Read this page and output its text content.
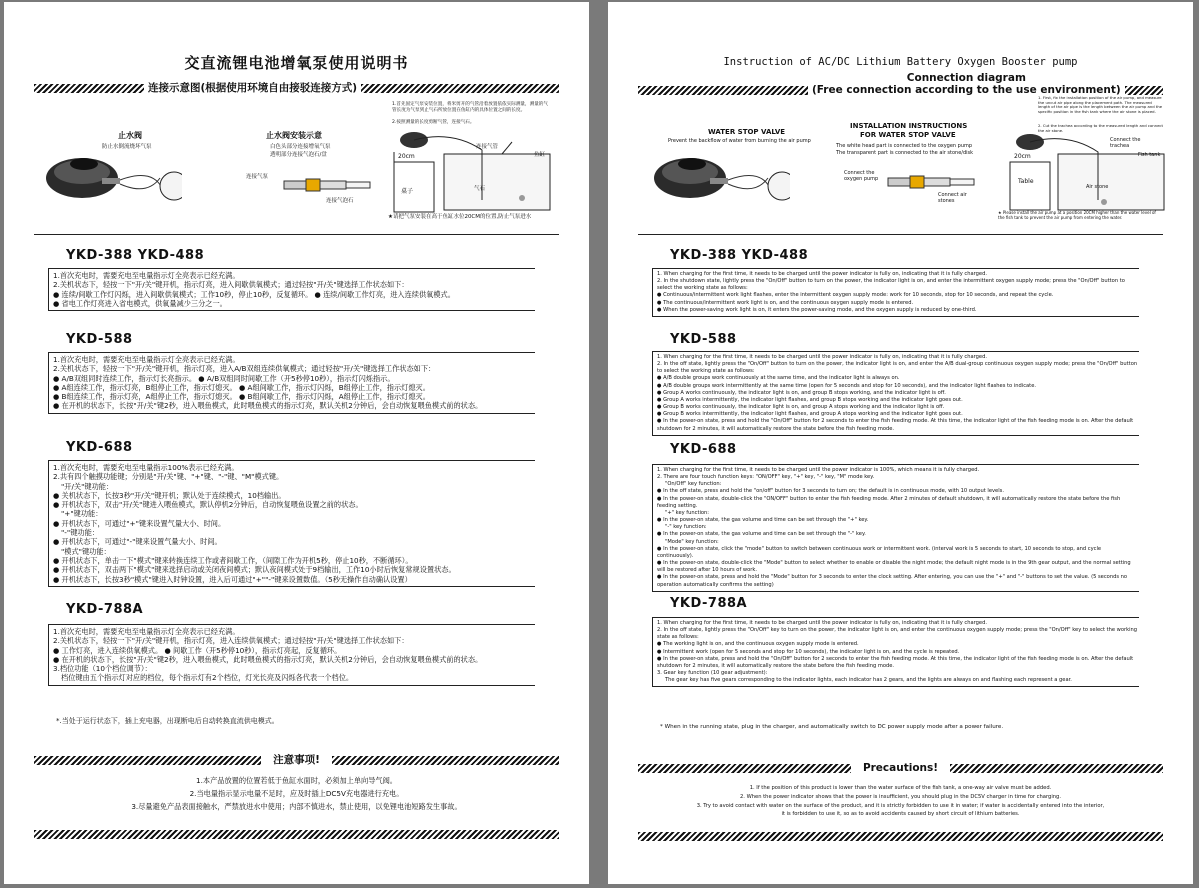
交直流锂电池增氧泵使用说明书
连接示意图(根据使用环境自由接驳连接方式)
止水阀
防止水倒流烧坏气泵
止水阀安装示意
白色头部分连接增氧气泵
透明部分连接气泡石/盘
连接气泵
连接气泡石
1.首先固定气泵安装位置，将米剪开的气管沿着放置依依实际测量，测量的气管长度为气泵到止气石所放位置在鱼缸内的具体位置之间的长度。
2.按照测量的长度剪断气管，连接气石。
20cm
桌子
连接气管
鱼缸
气石
★请把气泵安装在高于鱼缸水位20CM的位置,防止气泵进水
YKD-388 YKD-488

1.首次充电时，需要充电至电量指示灯全亮表示已经充满。

2.关机状态下，轻按一下"开/关"键开机，指示灯亮，进入间歇供氧模式；通过轻按"开/关"键选择工作状态如下：

● 连续/间歇工作灯闪烁，进入间歇供氧模式；工作10秒，停止10秒，反复循环。 ● 连续/间歇工作灯亮，进入连续供氧模式。

● 省电工作灯亮进入省电模式，供氧量减少三分之一。

YKD-588

1.首次充电时，需要充电至电量指示灯全亮表示已经充满。

2.关机状态下，轻按一下"开/关"键开机，指示灯亮，进入A/B双组连续供氧模式；通过轻按"开/关"键选择工作状态如下：

● A/B双组同时连续工作，指示灯长亮指示。 ● A/B双组同时间歇工作（开5秒停10秒），指示灯闪烁指示。

● A组连续工作，指示灯亮，B组停止工作，指示灯熄灭。 ● A组间歇工作，指示灯闪烁，B组停止工作，指示灯熄灭。

● B组连续工作，指示灯亮，A组停止工作，指示灯熄灭。 ● B组间歇工作，指示灯闪烁，A组停止工作，指示灯熄灭。

● 在开机的状态下，长按"开/关"键2秒，进入喂鱼模式，此时喂鱼模式的指示灯亮，默认关机2分钟后，会自动恢复喂鱼模式前的状态。

YKD-688

1.首次充电时，需要充电至电量指示100%表示已经充满。

2.共有四个触摸功能键；分别是"开/关"键、"+"键、"-"键、"M"模式键。

"开/关"键功能：

● 关机状态下，长按3秒"开/关"键开机；默认处于连续模式，10档输出。

● 开机状态下，双击"开/关"键进入喂鱼模式，默认停机2分钟后，自动恢复喂鱼设置之前的状态。

"+"键功能：

● 开机状态下，可通过"+"键来设置气量大小、时间。

"-"键功能：

● 开机状态下，可通过"-"键来设置气量大小、时间。

"模式"键功能：

● 开机状态下，单击一下"模式"键来转换连续工作或者间歇工作，（间隙工作为开机5秒，停止10秒，不断循环）。

● 开机状态下，双击两下"模式"键来选择启动或关闭夜间模式；默认夜间模式处于9档输出，工作10小时后恢复常规设置状态。

● 开机状态下，长按3秒"模式"键进入时钟设置，进入后可通过"+""-"键来设置数值。（5秒无操作自动确认设置）

YKD-788A

1.首次充电时，需要充电至电量指示灯全亮表示已经充满。

2.关机状态下，轻按一下"开/关"键开机，指示灯亮，进入连续供氧模式；通过轻按"开/关"键选择工作状态如下：

● 工作灯亮，进入连续供氧模式。 ● 间歇工作（开5秒停10秒），指示灯亮起，反复循环。

● 在开机的状态下，长按"开/关"键2秒，进入喂鱼模式，此时喂鱼模式的指示灯亮，默认关机2分钟后，会自动恢复喂鱼模式前的状态。

3.档位功能（10个档位调节）：

档位键由五个指示灯对应的档位，每个指示灯有2个档位，灯光长亮及闪烁各代表一个档位。

*.当处于运行状态下，插上充电器，出现断电后自动转换直流供电模式。
注意事项!

1.本产品放置的位置若低于鱼缸水面时，必须加上单向导气阀。

2.当电量指示显示电量不足时，应及时插上DC5V充电器进行充电。

3.尽量避免产品表面接触水，严禁放进水中使用；内部不慎进水，禁止使用，以免锂电池短路发生事故。

Instruction of AC/DC Lithium Battery Oxygen Booster pump
Connection diagram
(Free connection according to the use environment)
WATER STOP VALVE
Prevent the backflow of water from burning the air pump
INSTALLATION INSTRUCTIONS
FOR WATER STOP VALVE
The white head part is connected to the oxygen pump
The transparent part is connected to the air stone/disk
Connect the oxygen pump
Connect air stones
1. First, fix the installation position of the air pump, and measure the uncut air pipe along the placement path. The measured length of the air pipe is the length between the air pump and the specific position in the fish tank where the air stone is placed.
2. Cut the trachea according to the measured length and connect the air stone.
20cm
Table
Connect the trachea
Fish tank
Air stone
★ Please install the air pump at a position 20CM higher than the water level of the fish tank to prevent the air pump from entering the water.
YKD-388 YKD-488

1. When charging for the first time, it needs to be charged until the power indicator is fully on, indicating that it is fully charged.

2. In the shutdown state, lightly press the "On/Off" button to turn on the power, the indicator light is on, and enter the intermittent oxygen supply mode; press the "On/Off" button to select the working state as follows:

● Continuous/intermittent work light flashes, enter the intermittent oxygen supply mode: work for 10 seconds, stop for 10 seconds, and repeat the cycle.

● The continuous/intermittent work light is on, and the continuous oxygen supply mode is entered.

● When the power-saving work light is on, it enters the power-saving mode, and the oxygen supply is reduced by one-third.

YKD-588

1. When charging for the first time, it needs to be charged until the power indicator is fully on, indicating that it is fully charged.

2. In the off state, lightly press the "On/Off" button to turn on the power, the indicator light is on, and enter the A/B dual-group continuous oxygen supply mode; press the "On/Off" button to select the working state as follows:

● A/B double groups work continuously at the same time, and the indicator light is always on.

● A/B double groups work intermittently at the same time (open for 5 seconds and stop for 10 seconds), and the indicator light flashes to indicate.

● Group A works continuously, the indicator light is on, and group B stops working, and the indicator light is off.

● Group A works intermittently, the indicator light flashes, and group B stops working and the indicator light goes out.

● Group B works continuously, the indicator light is on, and group A stops working and the indicator light is off.

● Group B works intermittently, the indicator light flashes, and group A stops working and the indicator light goes out.

● In the power-on state, press and hold the "On/Off" button for 2 seconds to enter the fish feeding mode. At this time, the indicator light of the fish feeding mode is on. After the default shutdown for 2 minutes, it will automatically restore the state before the fish feeding mode.

YKD-688

1. When charging for the first time, it needs to be charged until the power indicator is 100%, which means it is fully charged.

2. There are four touch function keys: "ON/OFF" key, "+" key, "-" key, "M" mode key.

"On/Off" key function:

● In the off state, press and hold the "on/off" button for 3 seconds to turn on; the default is in continuous mode, with 10 output levels.

● In the power-on state, double-click the "ON/OFF" button to enter the fish feeding mode. After 2 minutes of default shutdown, it will automatically restore the state before the fish feeding setting.

"+" key function:

● In the power-on state, the gas volume and time can be set through the "+" key.

"-" key function:

● In the power-on state, the gas volume and time can be set through the "-" key.

"Mode" key function:

● In the power-on state, click the "mode" button to switch between continuous work or intermittent work. (interval work is 5 seconds to start, 10 seconds to stop, and cycle continuously).

● In the power-on state, double-click the "Mode" button to select whether to enable or disable the night mode; the default night mode is in the 9th gear output, and the normal setting will be restored after 10 hours of work.

● In the power-on state, press and hold the "Mode" button for 3 seconds to enter the clock setting. After entering, you can use the "+" and "-" buttons to set the value. (5 seconds no operation automatically confirms the setting)

YKD-788A

1. When charging for the first time, it needs to be charged until the power indicator is fully on, indicating that it is fully charged.

2. In the off state, lightly press the "On/Off" key to turn on the power, the indicator light is on, and enter the continuous oxygen supply mode; press the "On/Off" key to select the working state as follows:

● The working light is on, and the continuous oxygen supply mode is entered.

● Intermittent work (open for 5 seconds and stop for 10 seconds), the indicator light is on, and the cycle is repeated.

● In the power-on state, press and hold the "On/Off" button for 2 seconds to enter the fish feeding mode. At this time, the indicator light of the fish feeding mode is on. After the default shutdown for 2 minutes, it will automatically restore the state before the fish feeding mode.

3. Gear key function (10 gear adjustment):

The gear key has five gears corresponding to the indicator lights, each indicator has 2 gears, and the lights are always on and flashing each represent a gear.

* When in the running state, plug in the charger, and automatically switch to DC power supply mode after a power failure.
Precautions!

1. If the position of this product is lower than the water surface of the fish tank, a one-way air valve must be added.

2. When the power indicator shows that the power is insufficient, you should plug in the DC5V charger in time for charging.

3. Try to avoid contact with water on the surface of the product, and it is strictly forbidden to use it in water; if water is accidentally entered into the interior,

it is forbidden to use it, so as to avoid accidents caused by short circuit of lithium batteries.
